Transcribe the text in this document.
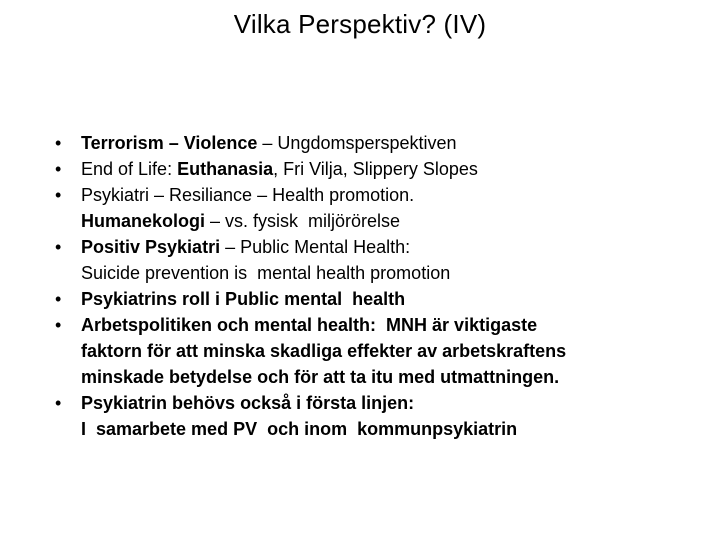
Vilka Perspektiv? (IV)
•	Terrorism – Violence – Ungdomsperspektiven
•	End of Life: Euthanasia, Fri Vilja, Slippery Slopes
•	Psykiatri – Resiliance – Health promotion.
Humanekologi – vs. fysisk  miljörörelse
•	Positiv Psykiatri – Public Mental Health:
Suicide prevention is  mental health promotion
•	Psykiatrins roll i Public mental  health
•	Arbetspolitiken och mental health:  MNH är viktigaste
faktorn för att minska skadliga effekter av arbetskraftens
minskade betydelse och för att ta itu med utmattningen.
•	Psykiatrin behövs också i första linjen:
I  samarbete med PV  och inom  kommunpsykiatrin
